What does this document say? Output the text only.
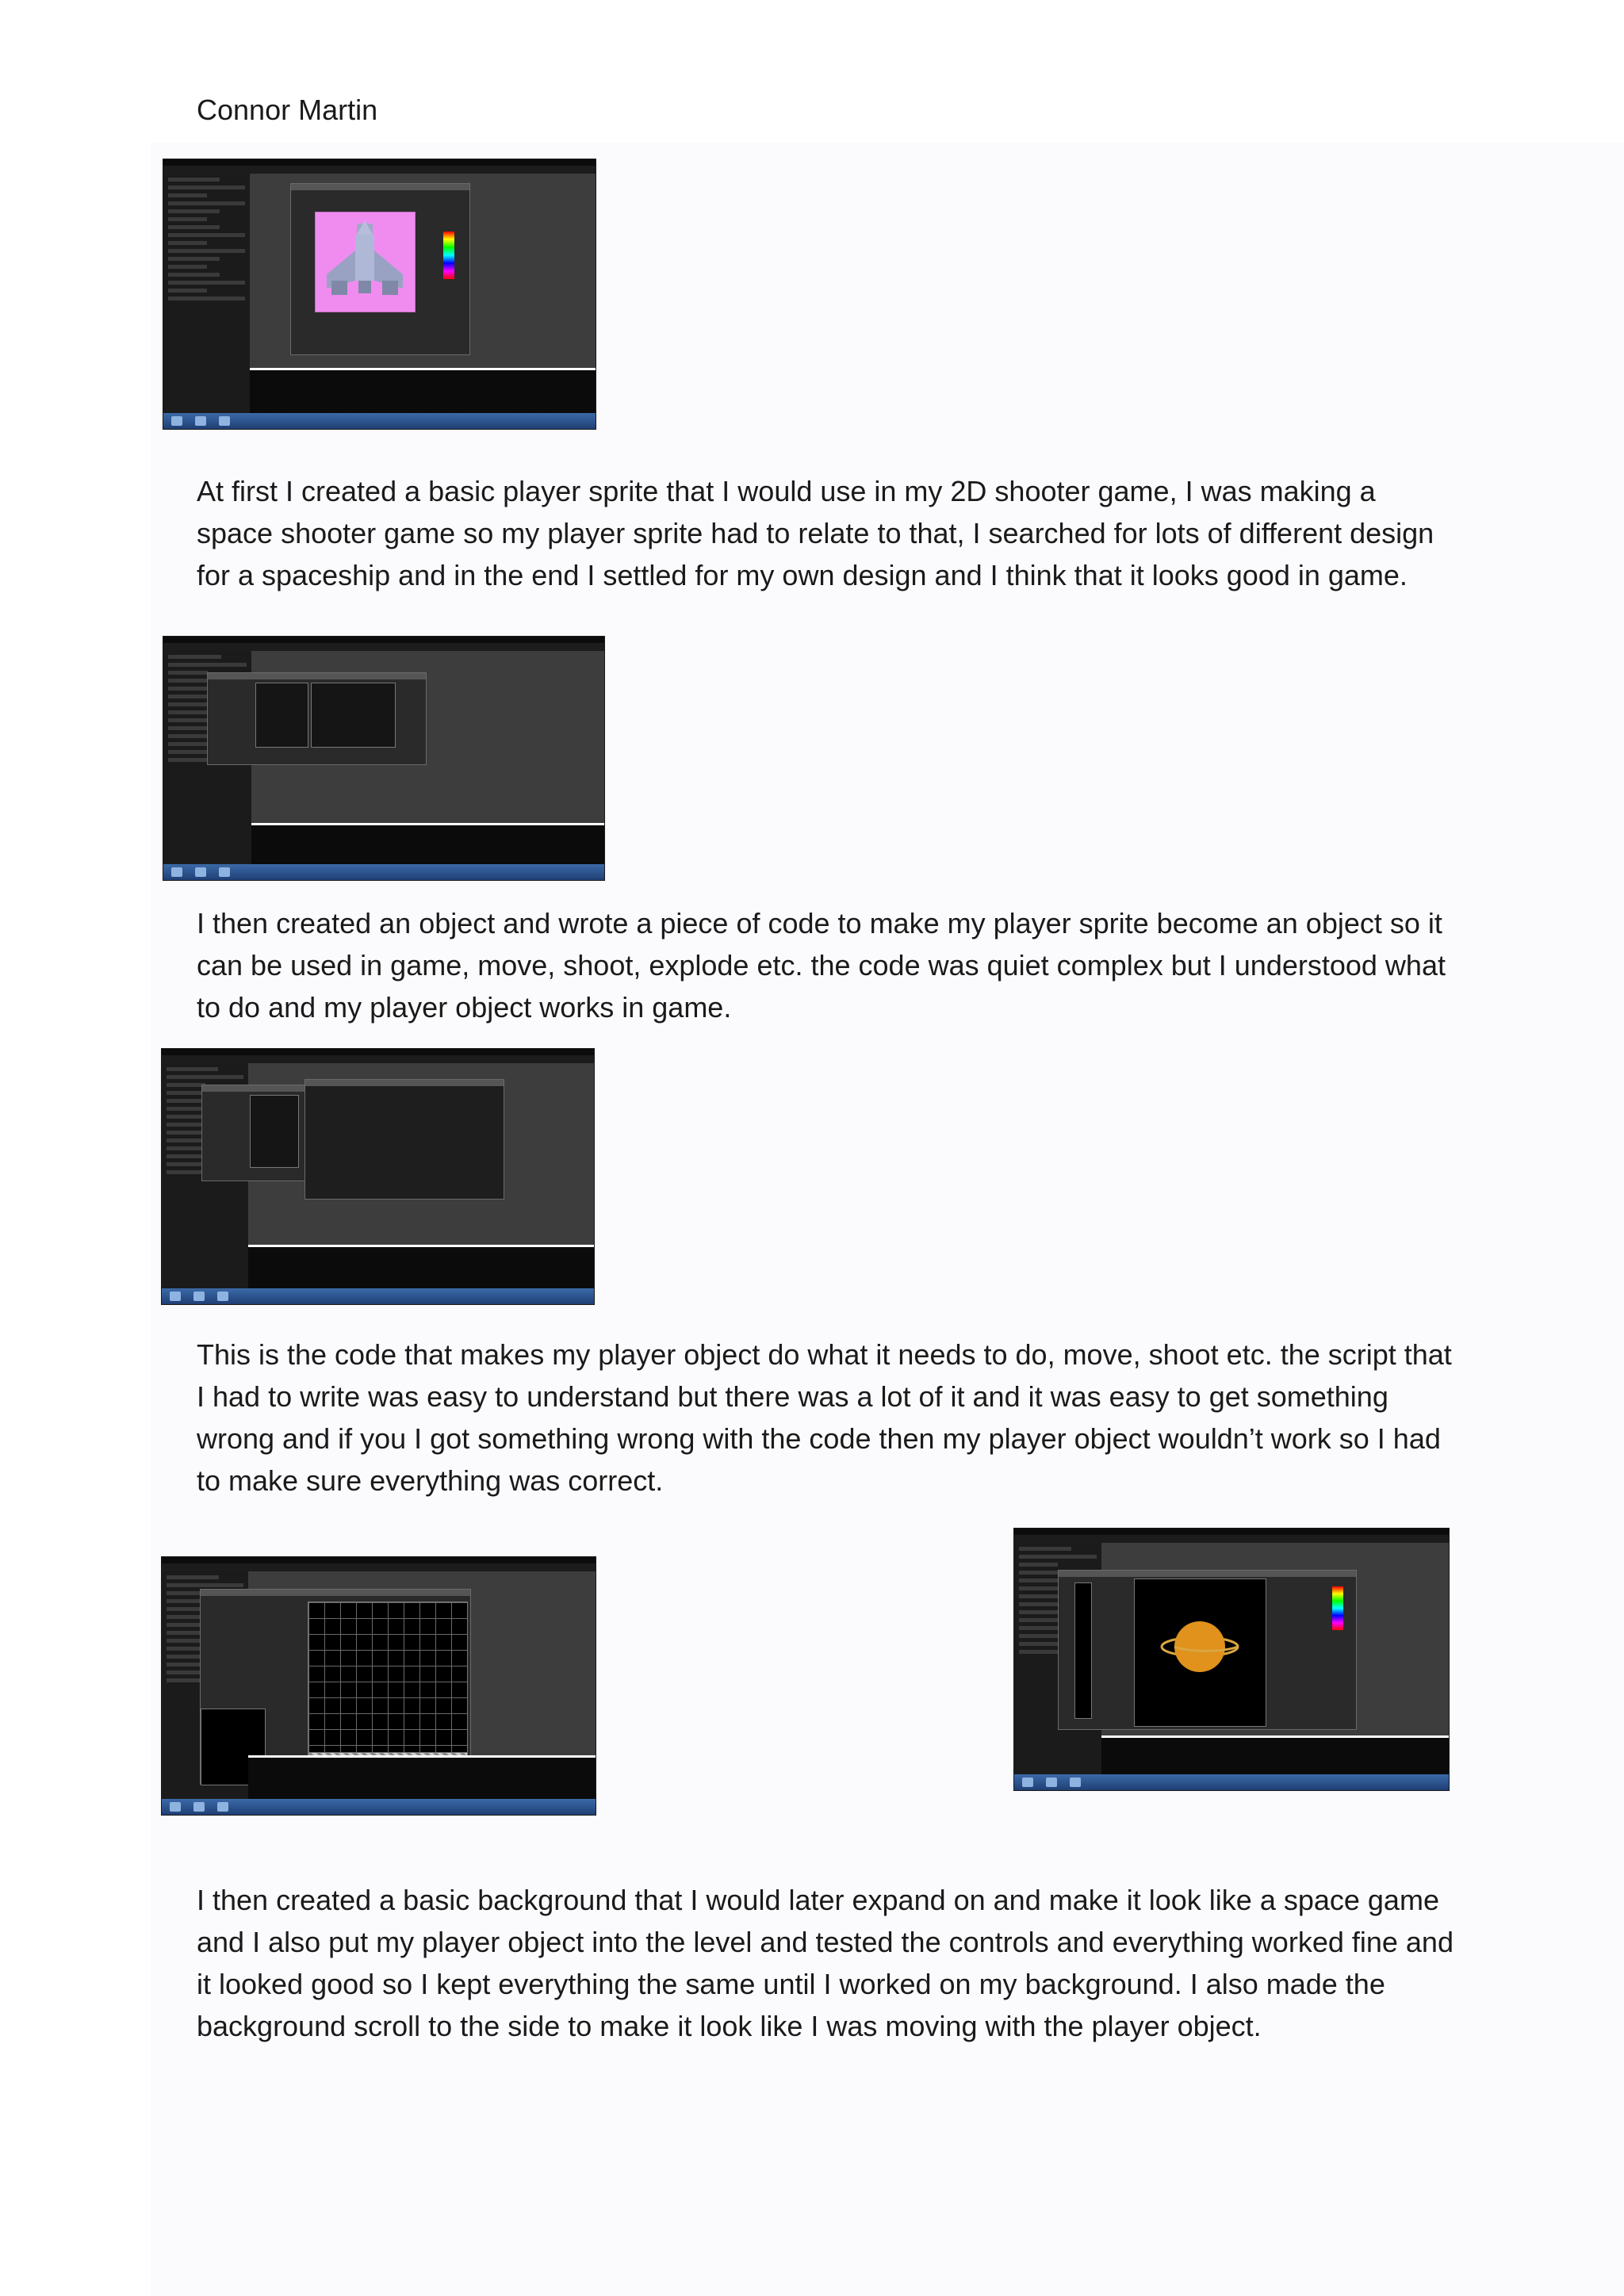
Connor Martin
At first I created a basic player sprite that I would use in my 2D shooter game, I was making a space shooter game so my player sprite had to relate to that, I searched for lots of different design for a spaceship and in the end I settled for my own design and I think that it looks good in game.
I then created an object and wrote a piece of code to make my player sprite become an object so it can be used in game, move, shoot, explode etc. the code was quiet complex but I understood what to do and my player object works in game.
This is the code that makes my player object do what it needs to do, move, shoot etc. the script that I had to write was easy to understand but there was a lot of it and it was easy to get something wrong and if you I got something wrong with the code then my player object wouldn’t work so I had to make sure everything was correct.
I then created a basic background that I would later expand on and make it look like a space game and I also put my player object into the level and tested the controls and everything worked fine and it looked good so I kept everything the same until I worked on my background. I also made the background scroll to the side to make it look like I was moving with the player object.
